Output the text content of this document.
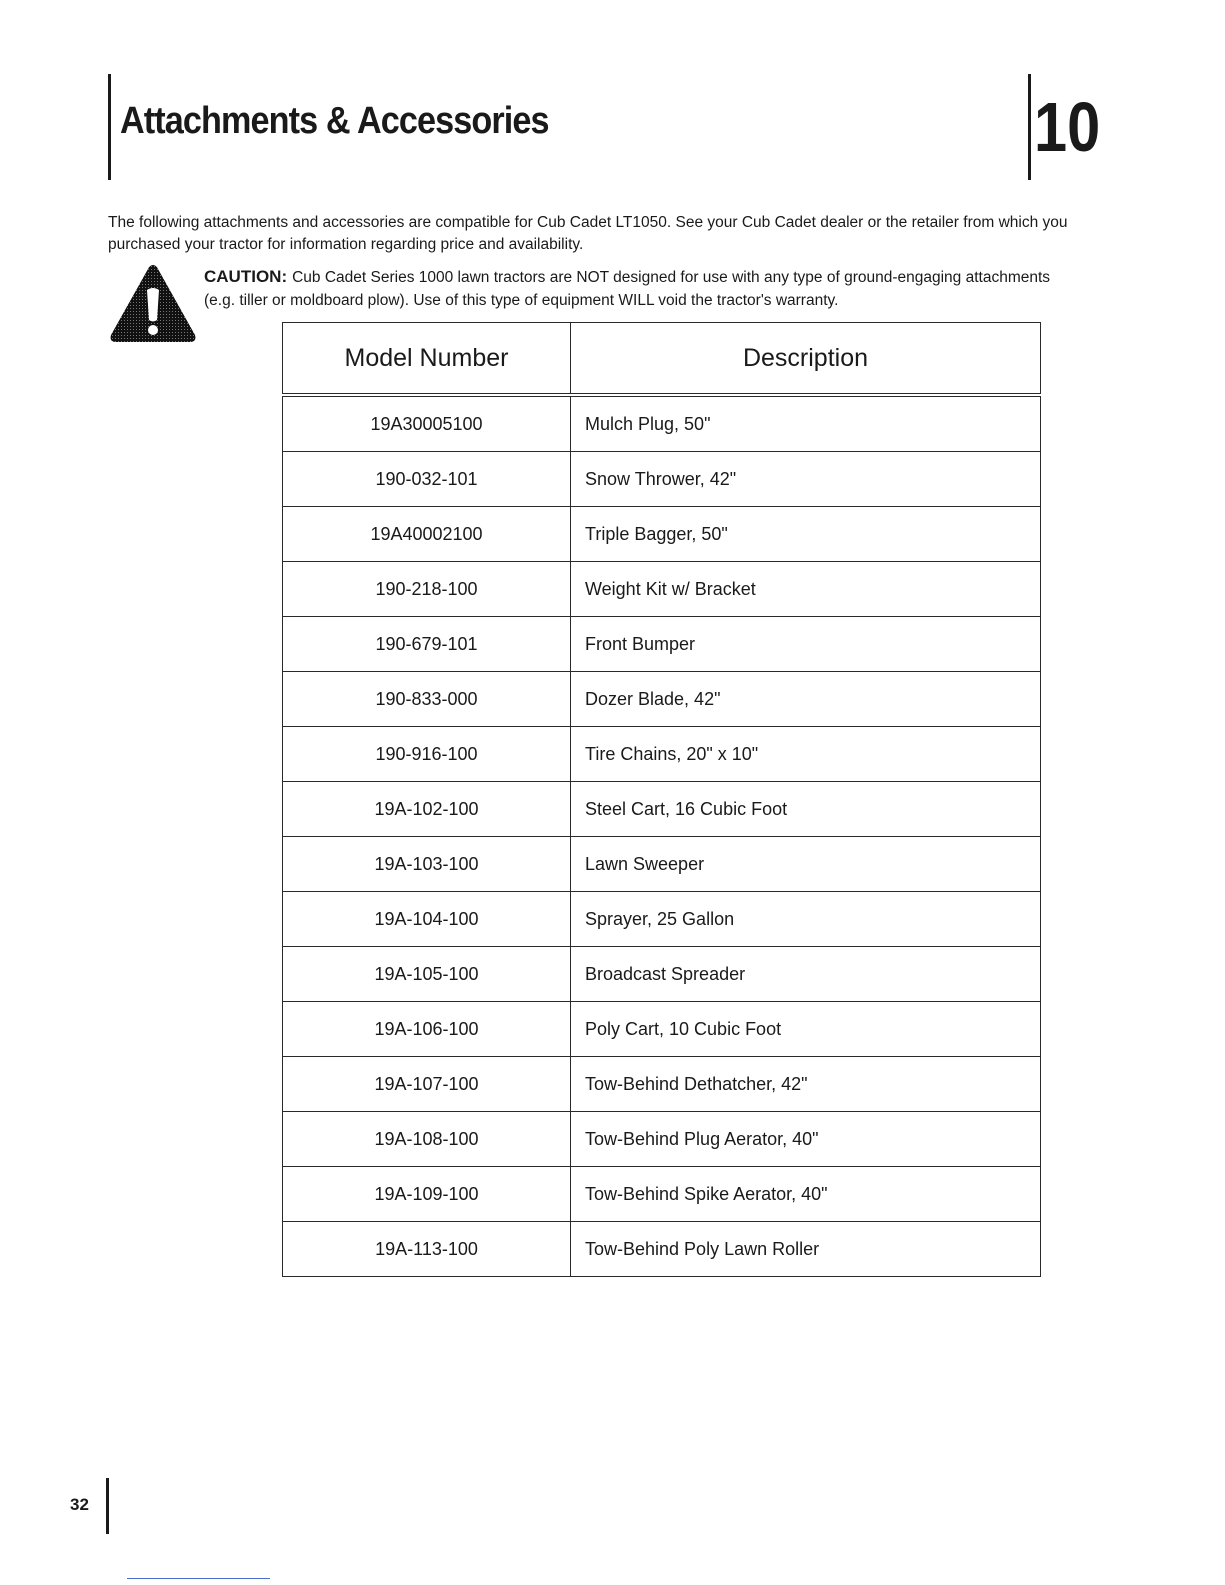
Attachments & Accessories	10

The following attachments and accessories are compatible for Cub Cadet LT1050. See your Cub Cadet dealer or the retailer from which you purchased your tractor for information regarding price and availability.

CAUTION: Cub Cadet Series 1000 lawn tractors are NOT designed for use with any type of ground-engaging attachments (e.g. tiller or moldboard plow). Use of this type of equipment WILL void the tractor's warranty.

Model Number	Description
19A30005100	Mulch Plug, 50"
190-032-101	Snow Thrower, 42"
19A40002100	Triple Bagger, 50"
190-218-100	Weight Kit w/ Bracket
190-679-101	Front Bumper
190-833-000	Dozer Blade, 42"
190-916-100	Tire Chains, 20" x 10"
19A-102-100	Steel Cart, 16 Cubic Foot
19A-103-100	Lawn Sweeper
19A-104-100	Sprayer, 25 Gallon
19A-105-100	Broadcast Spreader
19A-106-100	Poly Cart, 10 Cubic Foot
19A-107-100	Tow-Behind Dethatcher, 42"
19A-108-100	Tow-Behind Plug Aerator, 40"
19A-109-100	Tow-Behind Spike Aerator, 40"
19A-113-100	Tow-Behind Poly Lawn Roller
32
